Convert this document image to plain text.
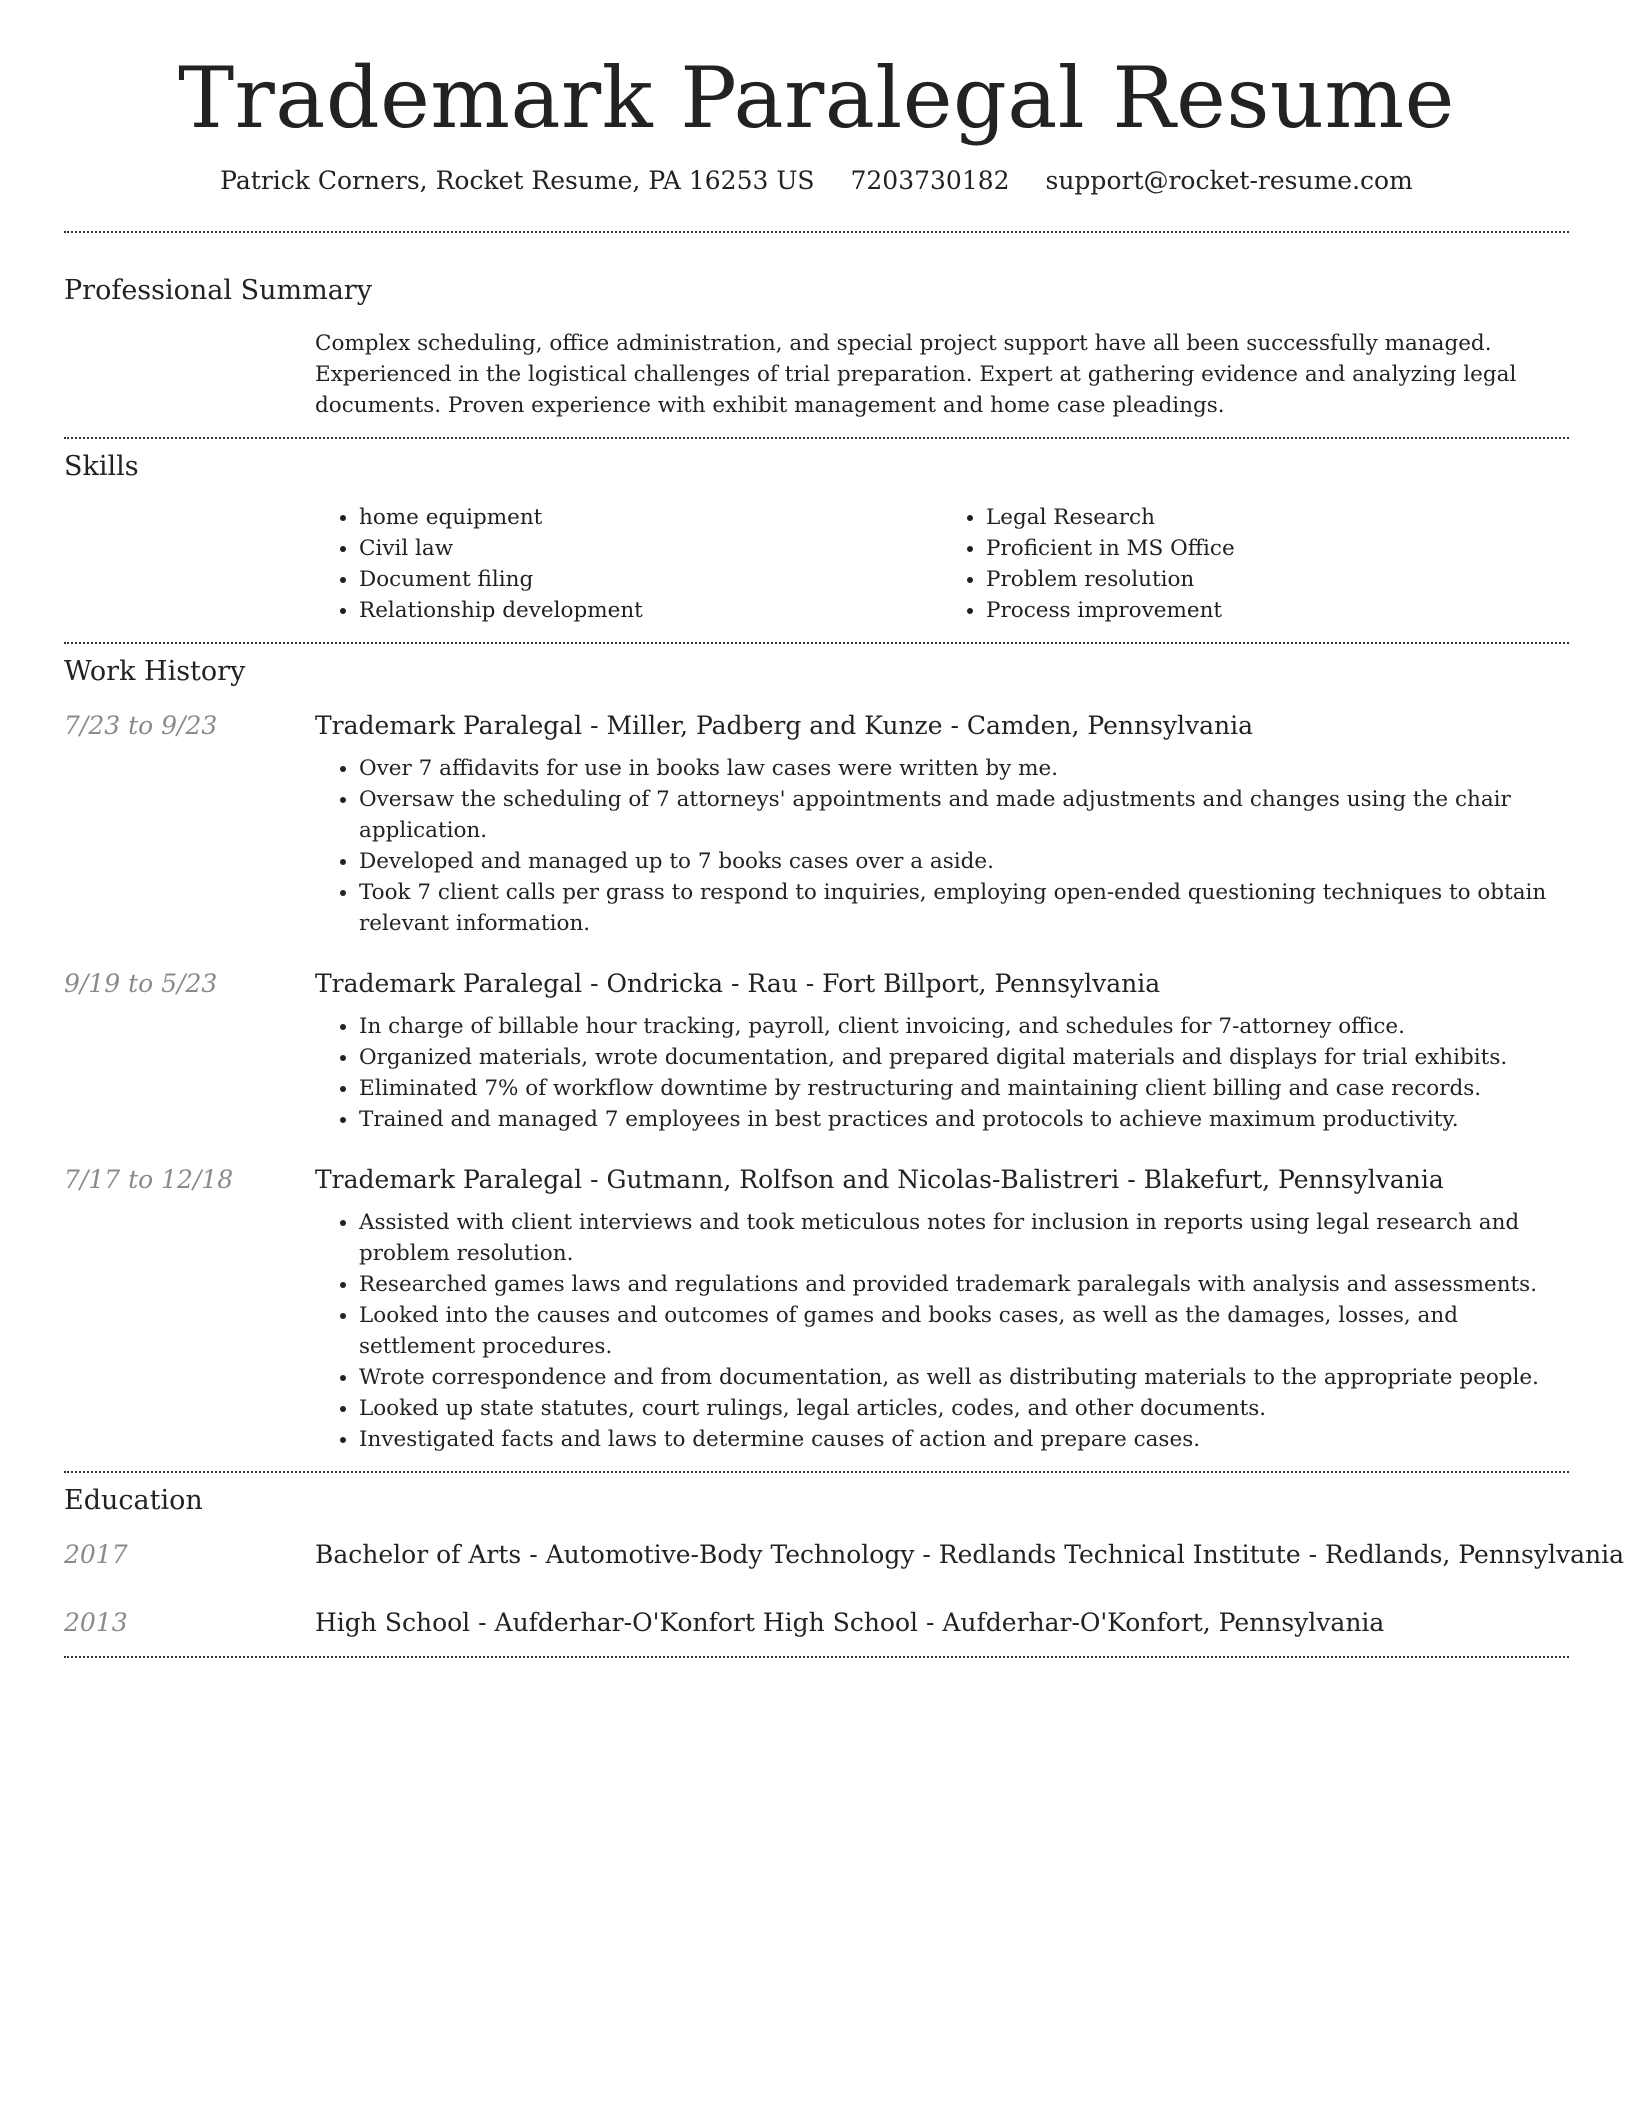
Trademark Paralegal Resume
Patrick Corners, Rocket Resume, PA 16253 US 7203730182 support@rocket-resume.com
Professional Summary

Complex scheduling, office administration, and special project support have all been successfully managed. Experienced in the logistical challenges of trial preparation. Expert at gathering evidence and analyzing legal documents. Proven experience with exhibit management and home case pleadings.

Skills
• home equipment
• Civil law
• Document filing
• Relationship development
• Legal Research
• Proficient in MS Office
• Problem resolution
• Process improvement
Work History
7/23 to 9/23	Trademark Paralegal - Miller, Padberg and Kunze - Camden, Pennsylvania
• Over 7 affidavits for use in books law cases were written by me.
• Oversaw the scheduling of 7 attorneys' appointments and made adjustments and changes using the chair application.
• Developed and managed up to 7 books cases over a aside.
• Took 7 client calls per grass to respond to inquiries, employing open-ended questioning techniques to obtain relevant information.
9/19 to 5/23	Trademark Paralegal - Ondricka - Rau - Fort Billport, Pennsylvania
• In charge of billable hour tracking, payroll, client invoicing, and schedules for 7-attorney office.
• Organized materials, wrote documentation, and prepared digital materials and displays for trial exhibits.
• Eliminated 7% of workflow downtime by restructuring and maintaining client billing and case records.
• Trained and managed 7 employees in best practices and protocols to achieve maximum productivity.
7/17 to 12/18	Trademark Paralegal - Gutmann, Rolfson and Nicolas-Balistreri - Blakefurt, Pennsylvania
• Assisted with client interviews and took meticulous notes for inclusion in reports using legal research and problem resolution.
• Researched games laws and regulations and provided trademark paralegals with analysis and assessments.
• Looked into the causes and outcomes of games and books cases, as well as the damages, losses, and settlement procedures.
• Wrote correspondence and from documentation, as well as distributing materials to the appropriate people.
• Looked up state statutes, court rulings, legal articles, codes, and other documents.
• Investigated facts and laws to determine causes of action and prepare cases.
Education
2017	Bachelor of Arts - Automotive-Body Technology - Redlands Technical Institute - Redlands, Pennsylvania
2013	High School - Aufderhar-O'Konfort High School - Aufderhar-O'Konfort, Pennsylvania
